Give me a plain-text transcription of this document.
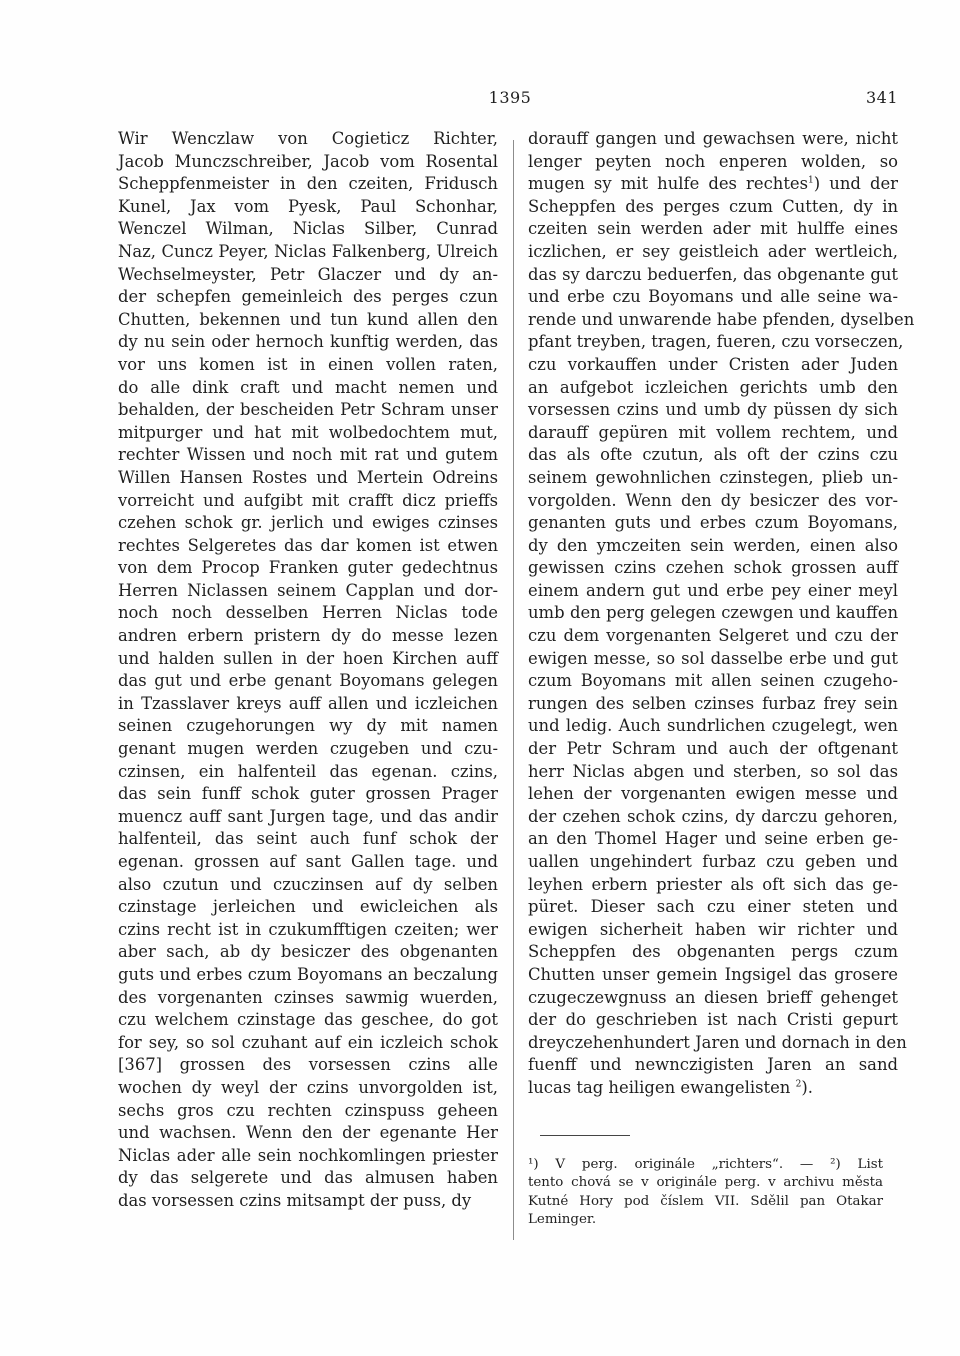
1395	341
Wir Wenczlaw von Cogieticz Richter,
Jacob Munczschreiber, Jacob vom Rosental
Scheppfenmeister in den czeiten, Fridusch
Kunel, Jax vom Pyesk, Paul Schonhar,
Wenczel Wilman, Niclas Silber, Cunrad
Naz, Cuncz Peyer, Niclas Falkenberg, Ulreich
Wechselmeyster, Petr Glaczer und dy an-
der schepfen gemeinleich des perges czun
Chutten, bekennen und tun kund allen den
dy nu sein oder hernoch kunftig werden, das
vor uns komen ist in einen vollen raten,
do alle dink craft und macht nemen und
behalden, der bescheiden Petr Schram unser
mitpurger und hat mit wolbedochtem mut,
rechter Wissen und noch mit rat und gutem
Willen Hansen Rostes und Mertein Odreins
vorreicht und aufgibt mit crafft dicz prieffs
czehen schok gr. jerlich und ewiges czinses
rechtes Selgeretes das dar komen ist etwen
von dem Procop Franken guter gedechtnus
Herren Niclassen seinem Capplan und dor-
noch noch desselben Herren Niclas tode
andren erbern pristern dy do messe lezen
und halden sullen in der hoen Kirchen auff
das gut und erbe genant Boyomans gelegen
in Tzasslaver kreys auff allen und iczleichen
seinen czugehorungen wy dy mit namen
genant mugen werden czugeben und czu-
czinsen, ein halfenteil das egenan. czins,
das sein funff schok guter grossen Prager
muencz auff sant Jurgen tage, und das andir
halfenteil, das seint auch funf schok der
egenan. grossen auf sant Gallen tage. und
also czutun und czuczinsen auf dy selben
czinstage jerleichen und ewicleichen als
czins recht ist in czukumfftigen czeiten; wer
aber sach, ab dy besiczer des obgenanten
guts und erbes czum Boyomans an beczalung
des vorgenanten czinses sawmig wuerden,
czu welchem czinstage das geschee, do got
for sey, so sol czuhant auf ein iczleich schok
[367] grossen des vorsessen czins alle
wochen dy weyl der czins unvorgolden ist,
sechs gros czu rechten czinspuss geheen
und wachsen. Wenn den der egenante Her
Niclas ader alle sein nochkomlingen priester
dy das selgerete und das almusen haben
das vorsessen czins mitsampt der puss, dy
dorauff gangen und gewachsen were, nicht
lenger peyten noch enperen wolden, so
mugen sy mit hulfe des rechtes$^1$) und der
Scheppfen des perges czum Cutten, dy in
czeiten sein werden ader mit hulffe eines
iczlichen, er sey geistleich ader wertleich,
das sy darczu beduerfen, das obgenante gut
und erbe czu Boyomans und alle seine wa-
rende und unwarende habe pfenden, dyselben
pfant treyben, tragen, fueren, czu vorseczen,
czu vorkauffen under Cristen ader Juden
an aufgebot iczleichen gerichts umb den
vorsessen czins und umb dy püssen dy sich
darauff gepüren mit vollem rechtem, und
das als ofte czutun, als oft der czins czu
seinem gewohnlichen czinstegen, plieb un-
vorgolden. Wenn den dy besiczer des vor-
genanten guts und erbes czum Boyomans,
dy den ymczeiten sein werden, einen also
gewissen czins czehen schok grossen auff
einem andern gut und erbe pey einer meyl
umb den perg gelegen czewgen und kauffen
czu dem vorgenanten Selgeret und czu der
ewigen messe, so sol dasselbe erbe und gut
czum Boyomans mit allen seinen czugeho-
rungen des selben czinses furbaz frey sein
und ledig. Auch sundrlichen czugelegt, wen
der Petr Schram und auch der oftgenant
herr Niclas abgen und sterben, so sol das
lehen der vorgenanten ewigen messe und
der czehen schok czins, dy darczu gehoren,
an den Thomel Hager und seine erben ge-
uallen ungehindert furbaz czu geben und
leyhen erbern priester als oft sich das ge-
püret. Dieser sach czu einer steten und
ewigen sicherheit haben wir richter und
Scheppfen des obgenanten pergs czum
Chutten unser gemein Ingsigel das grosere
czugeczewgnuss an diesen brieff gehenget
der do geschrieben ist nach Cristi gepurt
dreyczehenhundert Jaren und dornach in den
fuenff und newnczigisten Jaren an sand
lucas tag heiligen ewangelisten $^2$).
¹) V perg. originále „richters“. — ²) List
tento chová se v originále perg. v archivu města
Kutné Hory pod číslem VII. Sdělil pan Otakar
Leminger.
